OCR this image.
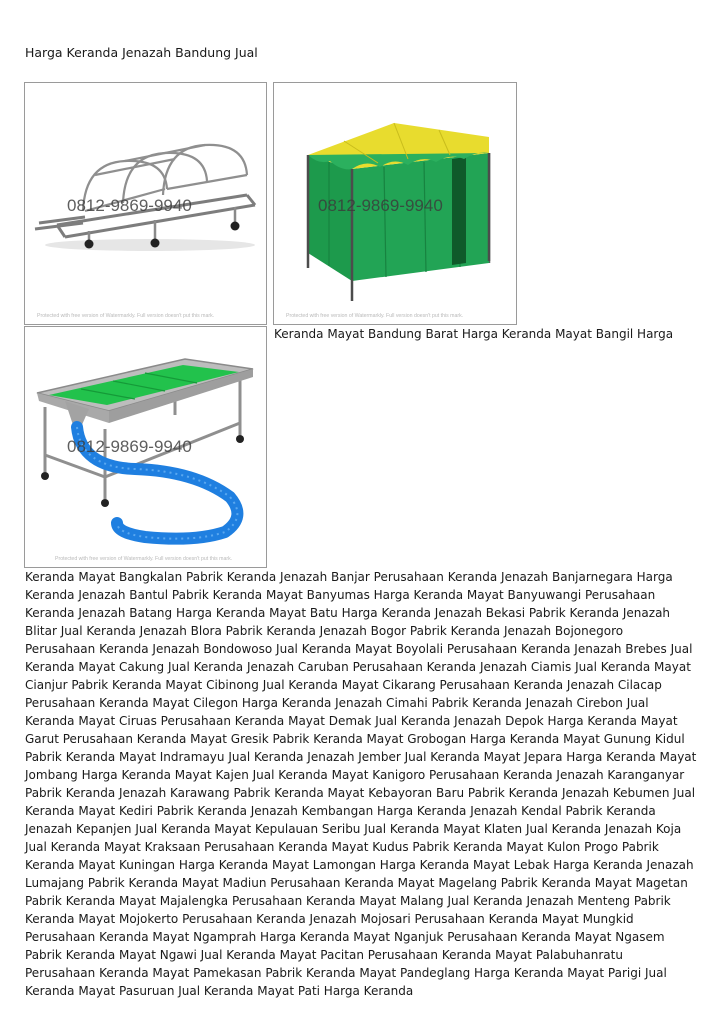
Harga Keranda Jenazah Bandung Jual
0812-9869-9940
Protected with free version of Watermarkly. Full version doesn't put this mark.
0812-9869-9940
Protected with free version of Watermarkly. Full version doesn't put this mark.
0812-9869-9940
Protected with free version of Watermarkly. Full version doesn't put this mark.
Keranda Mayat Bandung Barat Harga Keranda Mayat Bangil Harga

Keranda Mayat Bangkalan Pabrik Keranda Jenazah Banjar Perusahaan Keranda Jenazah Banjarnegara Harga Keranda Jenazah Bantul Pabrik Keranda Mayat Banyumas Harga Keranda Mayat Banyuwangi Perusahaan Keranda Jenazah Batang Harga Keranda Mayat Batu Harga Keranda Jenazah Bekasi Pabrik Keranda Jenazah Blitar Jual Keranda Jenazah Blora Pabrik Keranda Jenazah Bogor Pabrik Keranda Jenazah Bojonegoro Perusahaan Keranda Jenazah Bondowoso Jual Keranda Mayat Boyolali Perusahaan Keranda Jenazah Brebes Jual Keranda Mayat Cakung Jual Keranda Jenazah Caruban Perusahaan Keranda Jenazah Ciamis Jual Keranda Mayat Cianjur Pabrik Keranda Mayat Cibinong Jual Keranda Mayat Cikarang Perusahaan Keranda Jenazah Cilacap Perusahaan Keranda Mayat Cilegon Harga Keranda Jenazah Cimahi Pabrik Keranda Jenazah Cirebon Jual Keranda Mayat Ciruas Perusahaan Keranda Mayat Demak Jual Keranda Jenazah Depok Harga Keranda Mayat Garut Perusahaan Keranda Mayat Gresik Pabrik Keranda Mayat Grobogan Harga Keranda Mayat Gunung Kidul Pabrik Keranda Mayat Indramayu Jual Keranda Jenazah Jember Jual Keranda Mayat Jepara Harga Keranda Mayat Jombang Harga Keranda Mayat Kajen Jual Keranda Mayat Kanigoro Perusahaan Keranda Jenazah Karanganyar Pabrik Keranda Jenazah Karawang Pabrik Keranda Mayat Kebayoran Baru Pabrik Keranda Jenazah Kebumen Jual Keranda Mayat Kediri Pabrik Keranda Jenazah Kembangan Harga Keranda Jenazah Kendal Pabrik Keranda Jenazah Kepanjen Jual Keranda Mayat Kepulauan Seribu Jual Keranda Mayat Klaten Jual Keranda Jenazah Koja Jual Keranda Mayat Kraksaan Perusahaan Keranda Mayat Kudus Pabrik Keranda Mayat Kulon Progo Pabrik Keranda Mayat Kuningan Harga Keranda Mayat Lamongan Harga Keranda Mayat Lebak Harga Keranda Jenazah Lumajang Pabrik Keranda Mayat Madiun Perusahaan Keranda Mayat Magelang Pabrik Keranda Mayat Magetan Pabrik Keranda Mayat Majalengka Perusahaan Keranda Mayat Malang Jual Keranda Jenazah Menteng Pabrik Keranda Mayat Mojokerto Perusahaan Keranda Jenazah Mojosari Perusahaan Keranda Mayat Mungkid Perusahaan Keranda Mayat Ngamprah Harga Keranda Mayat Nganjuk Perusahaan Keranda Mayat Ngasem Pabrik Keranda Mayat Ngawi Jual Keranda Mayat Pacitan Perusahaan Keranda Mayat Palabuhanratu Perusahaan Keranda Mayat Pamekasan Pabrik Keranda Mayat Pandeglang Harga Keranda Mayat Parigi Jual Keranda Mayat Pasuruan Jual Keranda Mayat Pati Harga Keranda
